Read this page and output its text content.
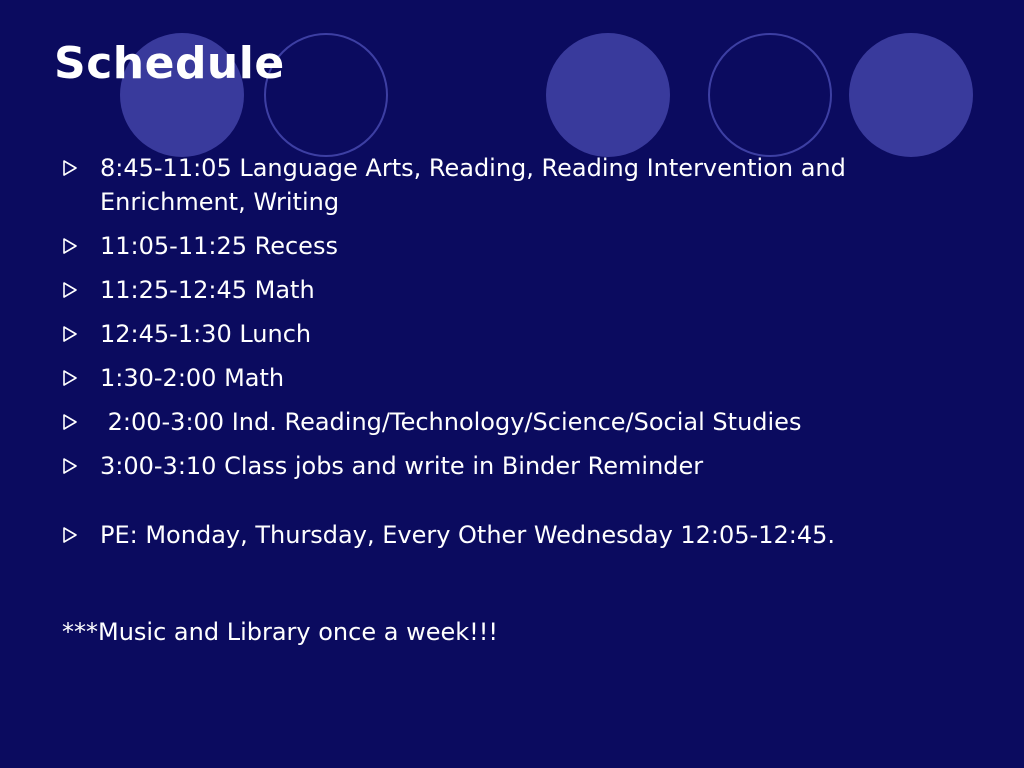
Schedule
8:45-11:05 Language Arts, Reading, Reading Intervention and Enrichment, Writing
11:05-11:25 Recess
11:25-12:45 Math
12:45-1:30 Lunch
1:30-2:00 Math
2:00-3:00 Ind. Reading/Technology/Science/Social Studies
3:00-3:10 Class jobs and write in Binder Reminder
PE: Monday, Thursday, Every Other Wednesday 12:05-12:45.
***Music and Library once a week!!!
